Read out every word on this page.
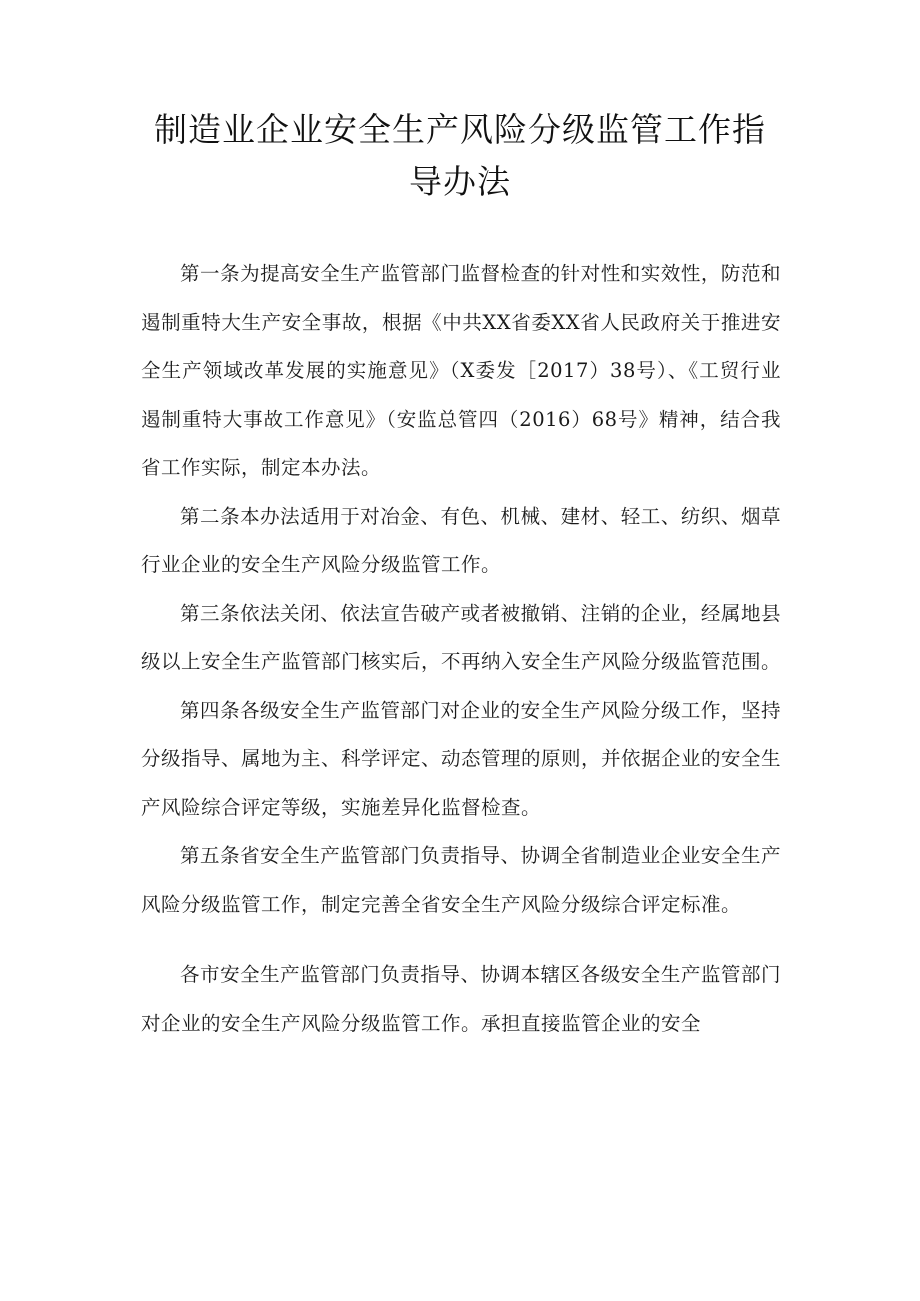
制造业企业安全生产风险分级监管工作指
导办法

第一条为提高安全生产监管部门监督检查的针对性和实效性，防范和遏制重特大生产安全事故，根据《中共XX省委XX省人民政府关于推进安全生产领域改革发展的实施意见》（X委发［2017）38号）、《工贸行业遏制重特大事故工作意见》（安监总管四（2016）68号》精神，结合我省工作实际，制定本办法。

第二条本办法适用于对冶金、有色、机械、建材、轻工、纺织、烟草行业企业的安全生产风险分级监管工作。

第三条依法关闭、依法宣告破产或者被撤销、注销的企业，经属地县级以上安全生产监管部门核实后，不再纳入安全生产风险分级监管范围。

第四条各级安全生产监管部门对企业的安全生产风险分级工作，坚持分级指导、属地为主、科学评定、动态管理的原则，并依据企业的安全生产风险综合评定等级，实施差异化监督检查。

第五条省安全生产监管部门负责指导、协调全省制造业企业安全生产风险分级监管工作，制定完善全省安全生产风险分级综合评定标准。

各市安全生产监管部门负责指导、协调本辖区各级安全生产监管部门对企业的安全生产风险分级监管工作。承担直接监管企业的安全
